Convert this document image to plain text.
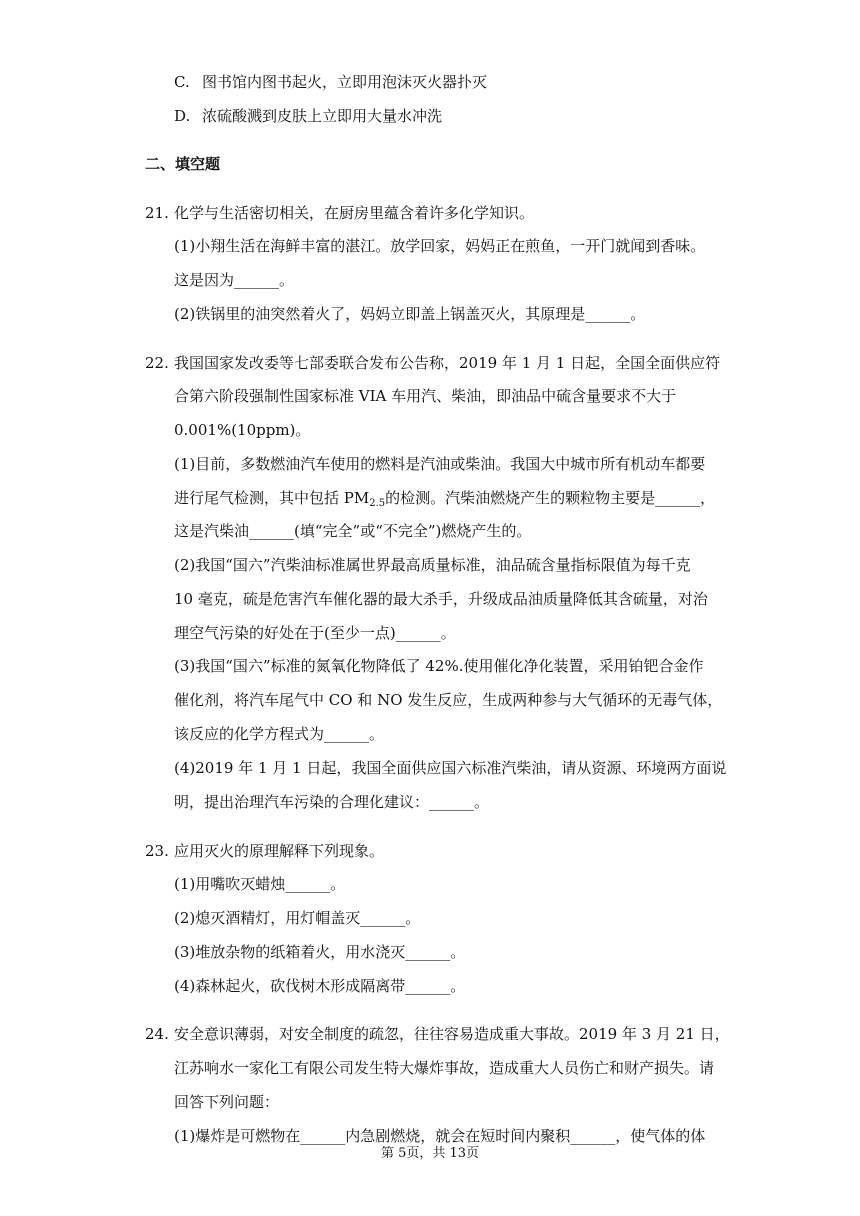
C. 图书馆内图书起火，立即用泡沫灭火器扑灭
D. 浓硫酸溅到皮肤上立即用大量水冲洗
二、填空题
21. 化学与生活密切相关，在厨房里蕴含着许多化学知识。
(1)小翔生活在海鲜丰富的湛江。放学回家，妈妈正在煎鱼，一开门就闻到香味。
这是因为______。
(2)铁锅里的油突然着火了，妈妈立即盖上锅盖灭火，其原理是______。
22. 我国国家发改委等七部委联合发布公告称，2019 年 1 月 1 日起，全国全面供应符
合第六阶段强制性国家标准 VIA 车用汽、柴油，即油品中硫含量要求不大于
0.001%(10ppm)。
(1)目前，多数燃油汽车使用的燃料是汽油或柴油。我国大中城市所有机动车都要
进行尾气检测，其中包括 $PM_{2.5}$的检测。汽柴油燃烧产生的颗粒物主要是______，
这是汽柴油______(填“完全”或“不完全”)燃烧产生的。
(2)我国“国六”汽柴油标准属世界最高质量标准，油品硫含量指标限值为每千克
10 毫克，硫是危害汽车催化器的最大杀手，升级成品油质量降低其含硫量，对治
理空气污染的好处在于(至少一点)______。
(3)我国“国六”标准的氮氧化物降低了 42%.使用催化净化装置，采用铂钯合金作
催化剂，将汽车尾气中 CO 和 NO 发生反应，生成两种参与大气循环的无毒气体，
该反应的化学方程式为______。
(4)2019 年 1 月 1 日起，我国全面供应国六标准汽柴油，请从资源、环境两方面说
明，提出治理汽车污染的合理化建议：______。
23. 应用灭火的原理解释下列现象。
(1)用嘴吹灭蜡烛______。
(2)熄灭酒精灯，用灯帽盖灭______。
(3)堆放杂物的纸箱着火，用水浇灭______。
(4)森林起火，砍伐树木形成隔离带______。
24. 安全意识薄弱，对安全制度的疏忽，往往容易造成重大事故。2019 年 3 月 21 日，
江苏响水一家化工有限公司发生特大爆炸事故，造成重大人员伤亡和财产损失。请
回答下列问题：
(1)爆炸是可燃物在______内急剧燃烧，就会在短时间内聚积______，使气体的体
第 5页，共 13页
